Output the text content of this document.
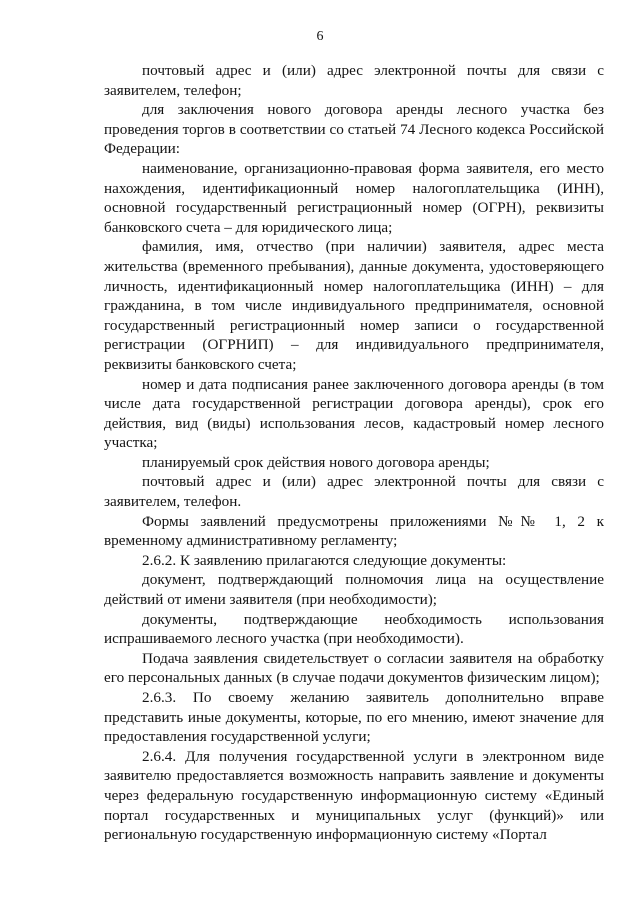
6

почтовый адрес и (или) адрес электронной почты для связи с заявителем, телефон;

для заключения нового договора аренды лесного участка без проведения торгов в соответствии со статьей 74 Лесного кодекса Российской Федерации:

наименование, организационно-правовая форма заявителя, его место нахождения, идентификационный номер налогоплательщика (ИНН), основной государственный регистрационный номер (ОГРН), реквизиты банковского счета – для юридического лица;

фамилия, имя, отчество (при наличии) заявителя, адрес места жительства (временного пребывания), данные документа, удостоверяющего личность, идентификационный номер налогоплательщика (ИНН) – для гражданина, в том числе индивидуального предпринимателя, основной государственный регистрационный номер записи о государственной регистрации (ОГРНИП) – для индивидуального предпринимателя, реквизиты банковского счета;

номер и дата подписания ранее заключенного договора аренды (в том числе дата государственной регистрации договора аренды), срок его действия, вид (виды) использования лесов, кадастровый номер лесного участка;

планируемый срок действия нового договора аренды;

почтовый адрес и (или) адрес электронной почты для связи с заявителем, телефон.

Формы заявлений предусмотрены приложениями №№ 1, 2 к временному административному регламенту;

2.6.2. К заявлению прилагаются следующие документы:

документ, подтверждающий полномочия лица на осуществление действий от имени заявителя (при необходимости);

документы, подтверждающие необходимость использования испрашиваемого лесного участка (при необходимости).

Подача заявления свидетельствует о согласии заявителя на обработку его персональных данных (в случае подачи документов физическим лицом);

2.6.3. По своему желанию заявитель дополнительно вправе представить иные документы, которые, по его мнению, имеют значение для предоставления государственной услуги;

2.6.4. Для получения государственной услуги в электронном виде заявителю предоставляется возможность направить заявление и документы через федеральную государственную информационную систему «Единый портал государственных и муниципальных услуг (функций)» или региональную государственную информационную систему «Портал
